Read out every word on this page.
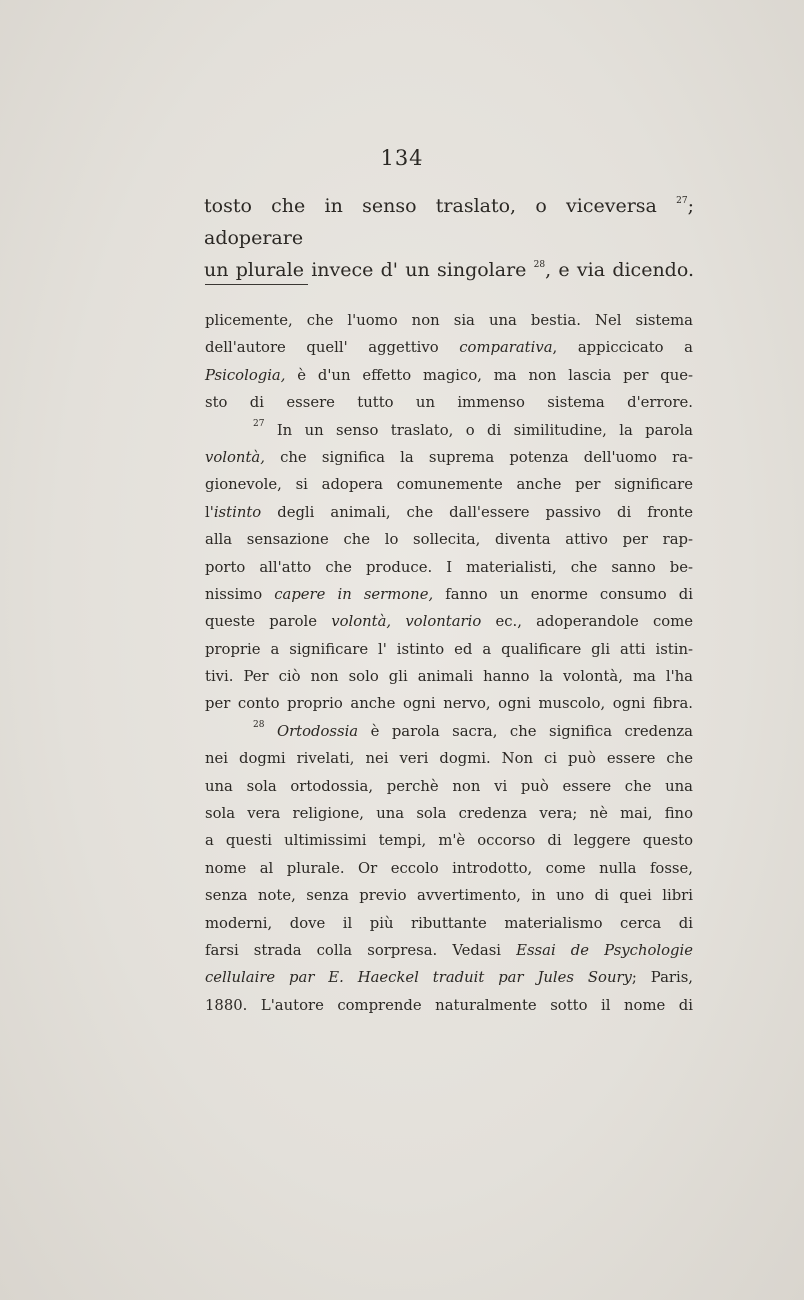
134

tosto che in senso traslato, o viceversa $^{27}$; adoperare

un plurale invece d' un singolare $^{28}$, e via dicendo.

plicemente, che l'uomo non sia una bestia. Nel sistema
dell'autore quell' aggettivo comparativa, appiccicato a
Psicologia, è d'un effetto magico, ma non lascia per que-
sto di essere tutto un immenso sistema d'errore.
$^{27}$ In un senso traslato, o di similitudine, la parola
volontà, che significa la suprema potenza dell'uomo ra-
gionevole, si adopera comunemente anche per significare
l'istinto degli animali, che dall'essere passivo di fronte
alla sensazione che lo sollecita, diventa attivo per rap-
porto all'atto che produce. I materialisti, che sanno be-
nissimo capere in sermone, fanno un enorme consumo di
queste parole volontà, volontario ec., adoperandole come
proprie a significare l' istinto ed a qualificare gli atti istin-
tivi. Per ciò non solo gli animali hanno la volontà, ma l'ha
per conto proprio anche ogni nervo, ogni muscolo, ogni fibra.
$^{28}$ Ortodossia è parola sacra, che significa credenza
nei dogmi rivelati, nei veri dogmi. Non ci può essere che
una sola ortodossia, perchè non vi può essere che una
sola vera religione, una sola credenza vera; nè mai, fino
a questi ultimissimi tempi, m'è occorso di leggere questo
nome al plurale. Or eccolo introdotto, come nulla fosse,
senza note, senza previo avvertimento, in uno di quei libri
moderni, dove il più ributtante materialismo cerca di
farsi strada colla sorpresa. Vedasi Essai de Psychologie
cellulaire par E. Haeckel traduit par Jules Soury; Paris,
1880. L'autore comprende naturalmente sotto il nome di
